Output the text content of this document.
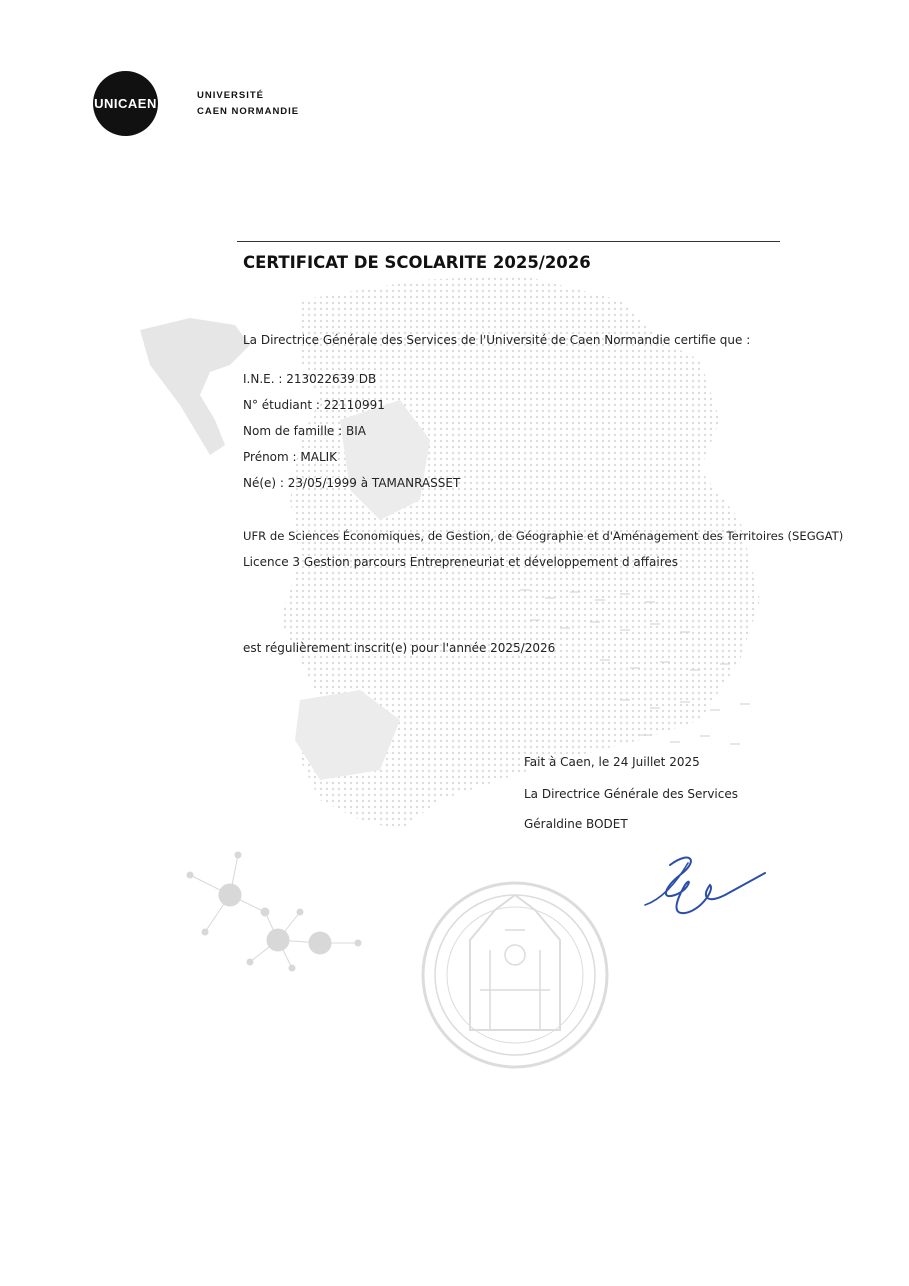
UNICAEN
UNIVERSITÉ
CAEN NORMANDIE
CERTIFICAT DE SCOLARITE 2025/2026
La Directrice Générale des Services de l'Université de Caen Normandie certifie que :
I.N.E. : 213022639 DB
N° étudiant : 22110991
Nom de famille : BIA
Prénom : MALIK
Né(e) : 23/05/1999 à TAMANRASSET
UFR de Sciences Économiques, de Gestion, de Géographie et d'Aménagement des Territoires (SEGGAT)
Licence 3 Gestion parcours Entrepreneuriat et développement d affaires
est régulièrement inscrit(e) pour l'année 2025/2026
Fait à Caen, le 24 Juillet 2025
La Directrice Générale des Services
Géraldine BODET
